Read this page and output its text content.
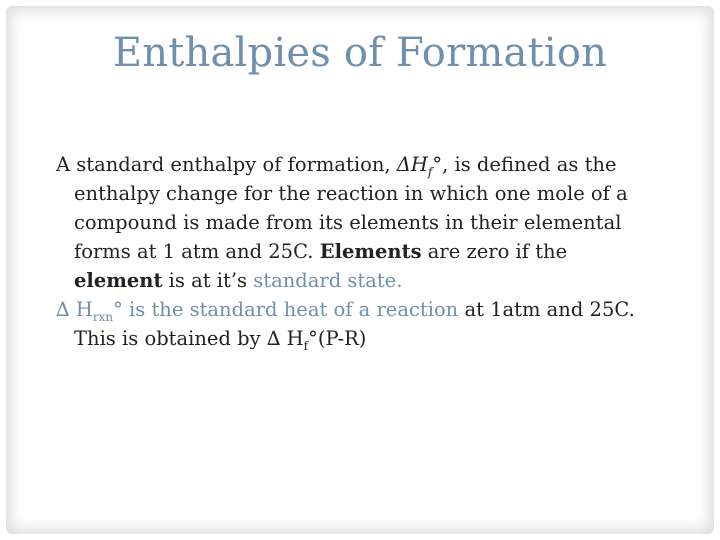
Enthalpies of Formation

A standard enthalpy of formation, $\Delta H_f^\circ$, is defined as the enthalpy change for the reaction in which one mole of a compound is made from its elements in their elemental forms at 1 atm and 25C. Elements are zero if the element is at it’s standard state.

∆ $H_{rxn}^\circ$ is the standard heat of a reaction at 1atm and 25C. This is obtained by ∆ $H_f^\circ(P-R)$
